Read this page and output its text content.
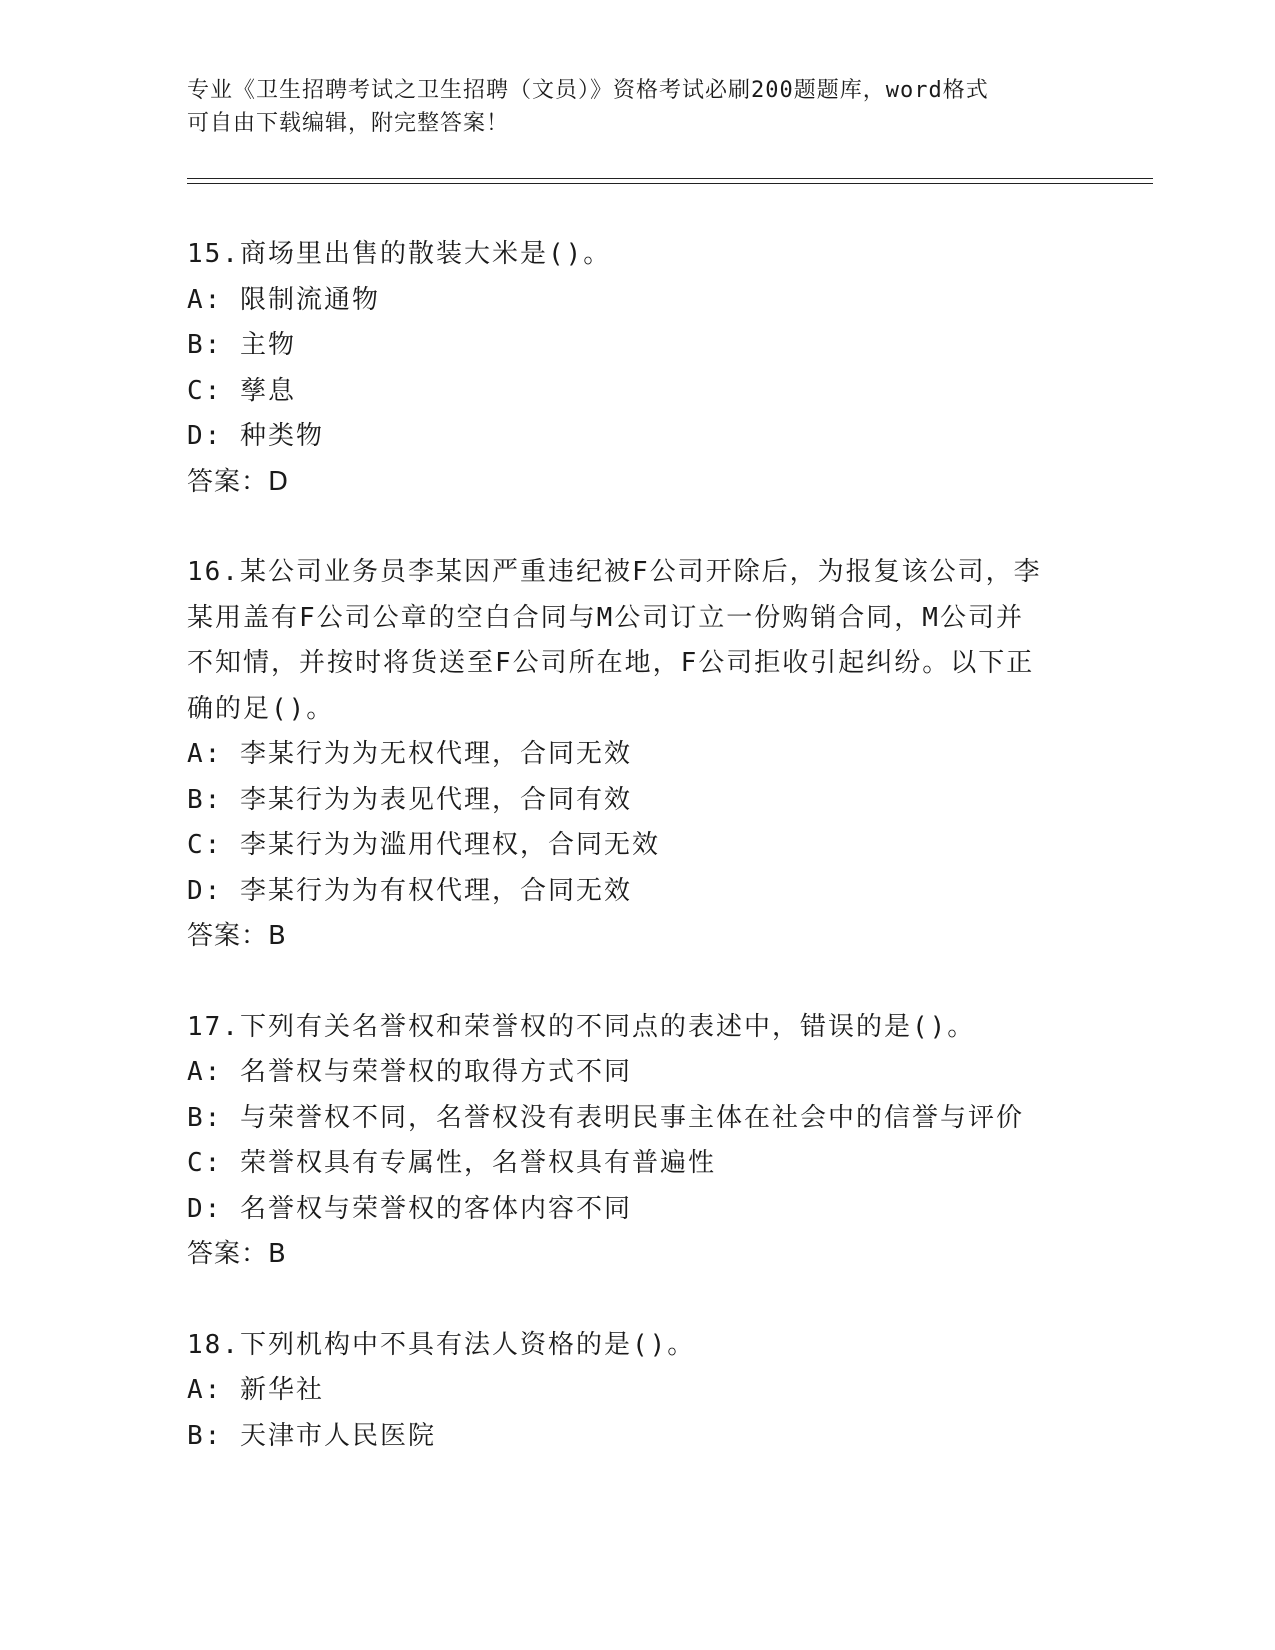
专业《卫生招聘考试之卫生招聘（文员）》资格考试必刷200题题库，word格式
可自由下载编辑，附完整答案！
15.商场里出售的散装大米是()。
A: 限制流通物
B: 主物
C: 孳息
D: 种类物
答案：D
16.某公司业务员李某因严重违纪被F公司开除后，为报复该公司，李
某用盖有F公司公章的空白合同与M公司订立一份购销合同，M公司并
不知情，并按时将货送至F公司所在地，F公司拒收引起纠纷。以下正
确的足()。
A: 李某行为为无权代理，合同无效
B: 李某行为为表见代理，合同有效
C: 李某行为为滥用代理权，合同无效
D: 李某行为为有权代理，合同无效
答案：B
17.下列有关名誉权和荣誉权的不同点的表述中，错误的是()。
A: 名誉权与荣誉权的取得方式不同
B: 与荣誉权不同，名誉权没有表明民事主体在社会中的信誉与评价
C: 荣誉权具有专属性，名誉权具有普遍性
D: 名誉权与荣誉权的客体内容不同
答案：B
18.下列机构中不具有法人资格的是()。
A: 新华社
B: 天津市人民医院
